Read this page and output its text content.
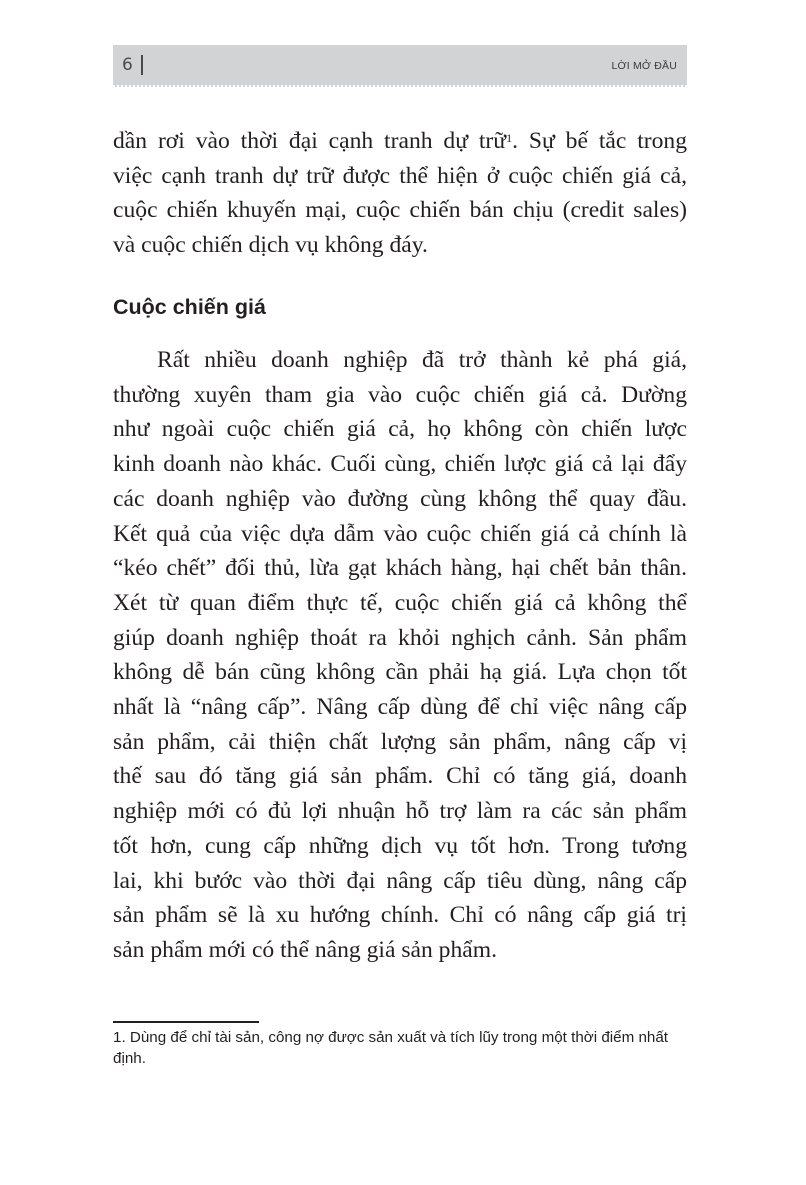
6	LỜI MỞ ĐẦU
dần rơi vào thời đại cạnh tranh dự trữ$^1$. Sự bế tắc trong
việc cạnh tranh dự trữ được thể hiện ở cuộc chiến giá cả,
cuộc chiến khuyến mại, cuộc chiến bán chịu (credit sales)
và cuộc chiến dịch vụ không đáy.
Cuộc chiến giá
Rất nhiều doanh nghiệp đã trở thành kẻ phá giá,
thường xuyên tham gia vào cuộc chiến giá cả. Dường
như ngoài cuộc chiến giá cả, họ không còn chiến lược
kinh doanh nào khác. Cuối cùng, chiến lược giá cả lại đẩy
các doanh nghiệp vào đường cùng không thể quay đầu.
Kết quả của việc dựa dẫm vào cuộc chiến giá cả chính là
“kéo chết” đối thủ, lừa gạt khách hàng, hại chết bản thân.
Xét từ quan điểm thực tế, cuộc chiến giá cả không thể
giúp doanh nghiệp thoát ra khỏi nghịch cảnh. Sản phẩm
không dễ bán cũng không cần phải hạ giá. Lựa chọn tốt
nhất là “nâng cấp”. Nâng cấp dùng để chỉ việc nâng cấp
sản phẩm, cải thiện chất lượng sản phẩm, nâng cấp vị
thế sau đó tăng giá sản phẩm. Chỉ có tăng giá, doanh
nghiệp mới có đủ lợi nhuận hỗ trợ làm ra các sản phẩm
tốt hơn, cung cấp những dịch vụ tốt hơn. Trong tương
lai, khi bước vào thời đại nâng cấp tiêu dùng, nâng cấp
sản phẩm sẽ là xu hướng chính. Chỉ có nâng cấp giá trị
sản phẩm mới có thể nâng giá sản phẩm.
1. Dùng để chỉ tài sản, công nợ được sản xuất và tích lũy trong một thời điểm nhất định.
